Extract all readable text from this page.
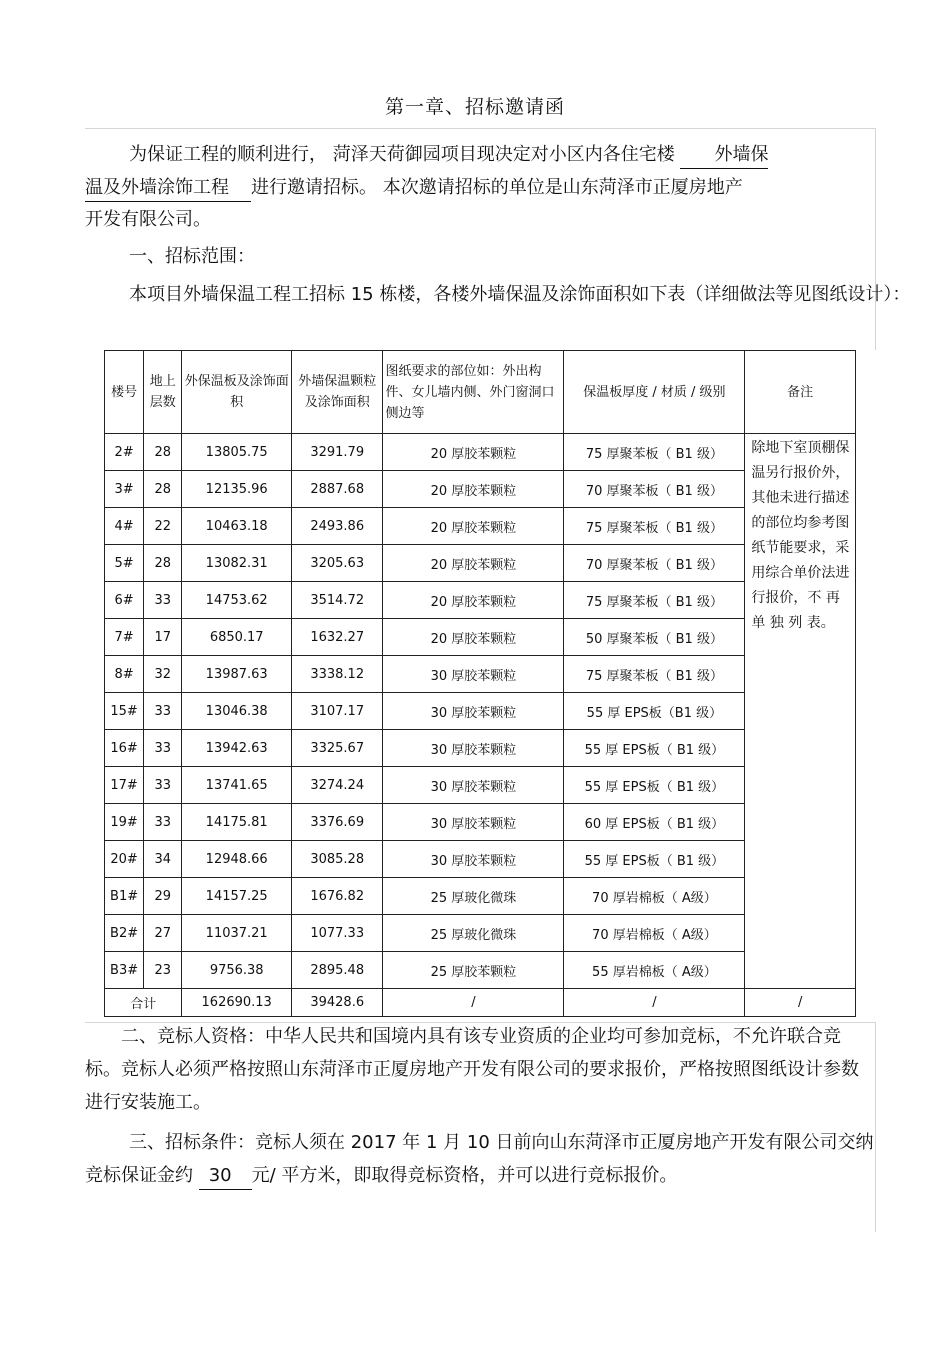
第一章、招标邀请函
为保证工程的顺利进行， 菏泽天荷御园项目现决定对小区内各住宅楼 外墙保
温及外墙涂饰工程 进行邀请招标。 本次邀请招标的单位是山东菏泽市正厦房地产
开发有限公司。
一、招标范围：
本项目外墙保温工程工招标 15 栋楼，各楼外墙保温及涂饰面积如下表（详细做法等见图纸设计）：
楼号	地上层数	外保温板及涂饰面积	外墙保温颗粒及涂饰面积	图纸要求的部位如：外出构件、女儿墙内侧、外门窗洞口侧边等	保温板厚度 / 材质 / 级别	备注
2#	28	13805.75	3291.79	20 厚胶苯颗粒	75 厚聚苯板（ B1 级）	除地下室顶棚保温另行报价外，其他未进行描述的部位均参考图纸节能要求，采用综合单价法进行报价，不 再 单 独 列 表。
3#	28	12135.96	2887.68	20 厚胶苯颗粒	70 厚聚苯板（ B1 级）	
4#	22	10463.18	2493.86	20 厚胶苯颗粒	75 厚聚苯板（ B1 级）	
5#	28	13082.31	3205.63	20 厚胶苯颗粒	70 厚聚苯板（ B1 级）	
6#	33	14753.62	3514.72	20 厚胶苯颗粒	75 厚聚苯板（ B1 级）	
7#	17	6850.17	1632.27	20 厚胶苯颗粒	50 厚聚苯板（ B1 级）	
8#	32	13987.63	3338.12	30 厚胶苯颗粒	75 厚聚苯板（ B1 级）	
15#	33	13046.38	3107.17	30 厚胶苯颗粒	55 厚 EPS板（B1 级）	
16#	33	13942.63	3325.67	30 厚胶苯颗粒	55 厚 EPS板（ B1 级）	
17#	33	13741.65	3274.24	30 厚胶苯颗粒	55 厚 EPS板（ B1 级）	
19#	33	14175.81	3376.69	30 厚胶苯颗粒	60 厚 EPS板（ B1 级）	
20#	34	12948.66	3085.28	30 厚胶苯颗粒	55 厚 EPS板（ B1 级）	
B1#	29	14157.25	1676.82	25 厚玻化微珠	70 厚岩棉板（ A级）	
B2#	27	11037.21	1077.33	25 厚玻化微珠	70 厚岩棉板（ A级）	
B3#	23	9756.38	2895.48	25 厚胶苯颗粒	55 厚岩棉板（ A级）	
合计		162690.13	39428.6	/	/	/
二、竞标人资格：中华人民共和国境内具有该专业资质的企业均可参加竞标，不允许联合竞标。竞标人必须严格按照山东菏泽市正厦房地产开发有限公司的要求报价，严格按照图纸设计参数进行安装施工。
三、招标条件：竞标人须在 2017 年 1 月 10 日前向山东菏泽市正厦房地产开发有限公司交纳竞标保证金约 30 元/ 平方米，即取得竞标资格，并可以进行竞标报价。
